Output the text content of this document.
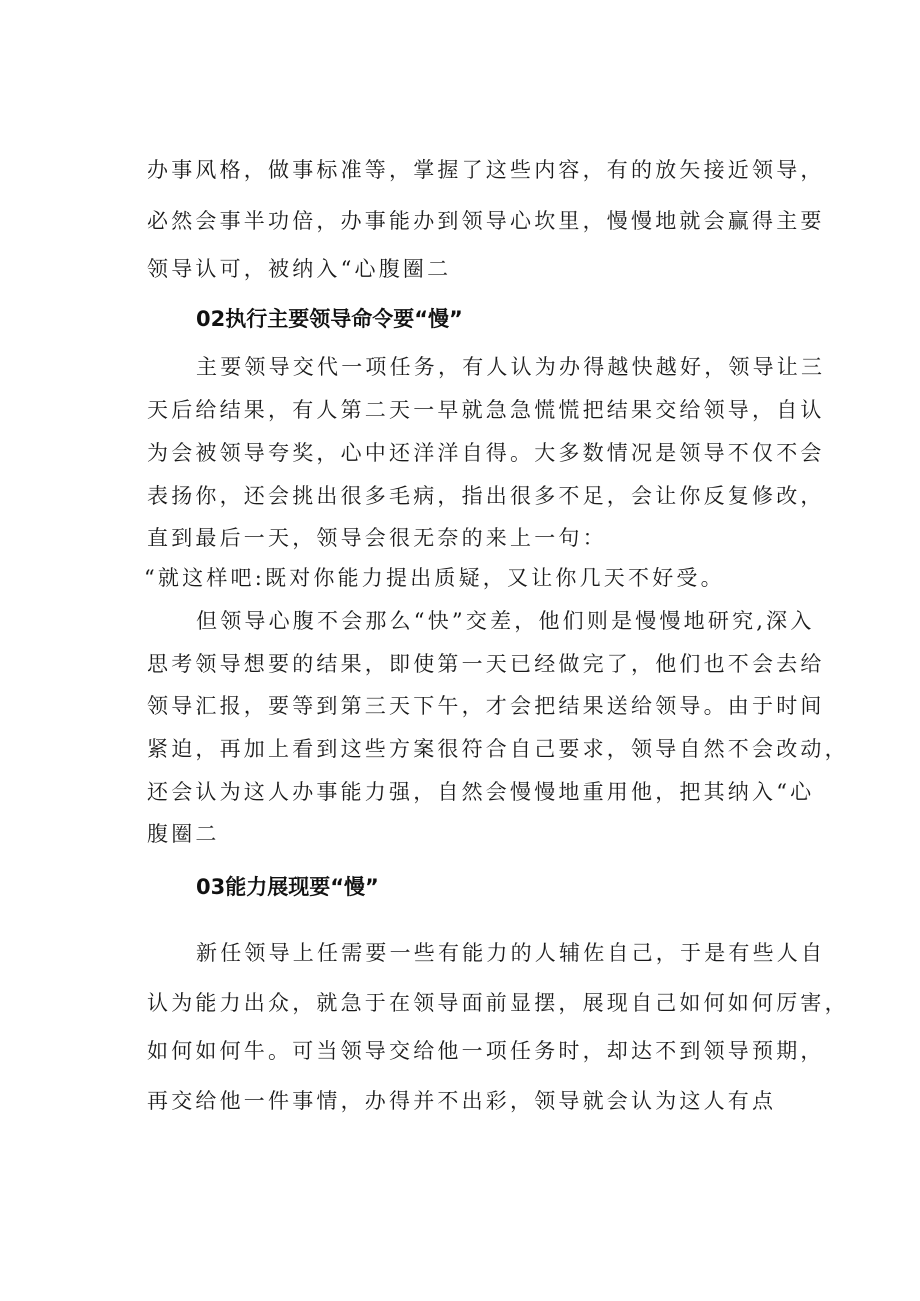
办事风格，做事标准等，掌握了这些内容，有的放矢接近领导，

必然会事半功倍，办事能办到领导心坎里，慢慢地就会赢得主要

领导认可，被纳入“心腹圈二

02执行主要领导命令要“慢”

主要领导交代一项任务，有人认为办得越快越好，领导让三

天后给结果，有人第二天一早就急急慌慌把结果交给领导，自认

为会被领导夸奖，心中还洋洋自得。大多数情况是领导不仅不会

表扬你，还会挑出很多毛病，指出很多不足，会让你反复修改，

直到最后一天，领导会很无奈的来上一句：

“就这样吧:既对你能力提出质疑，又让你几天不好受。

但领导心腹不会那么“快”交差，他们则是慢慢地研究,深入

思考领导想要的结果，即使第一天已经做完了，他们也不会去给

领导汇报，要等到第三天下午，才会把结果送给领导。由于时间

紧迫，再加上看到这些方案很符合自己要求，领导自然不会改动，

还会认为这人办事能力强，自然会慢慢地重用他，把其纳入“心

腹圈二

03能力展现要“慢”

新任领导上任需要一些有能力的人辅佐自己，于是有些人自

认为能力出众，就急于在领导面前显摆，展现自己如何如何厉害，

如何如何牛。可当领导交给他一项任务时，却达不到领导预期，

再交给他一件事情，办得并不出彩，领导就会认为这人有点
